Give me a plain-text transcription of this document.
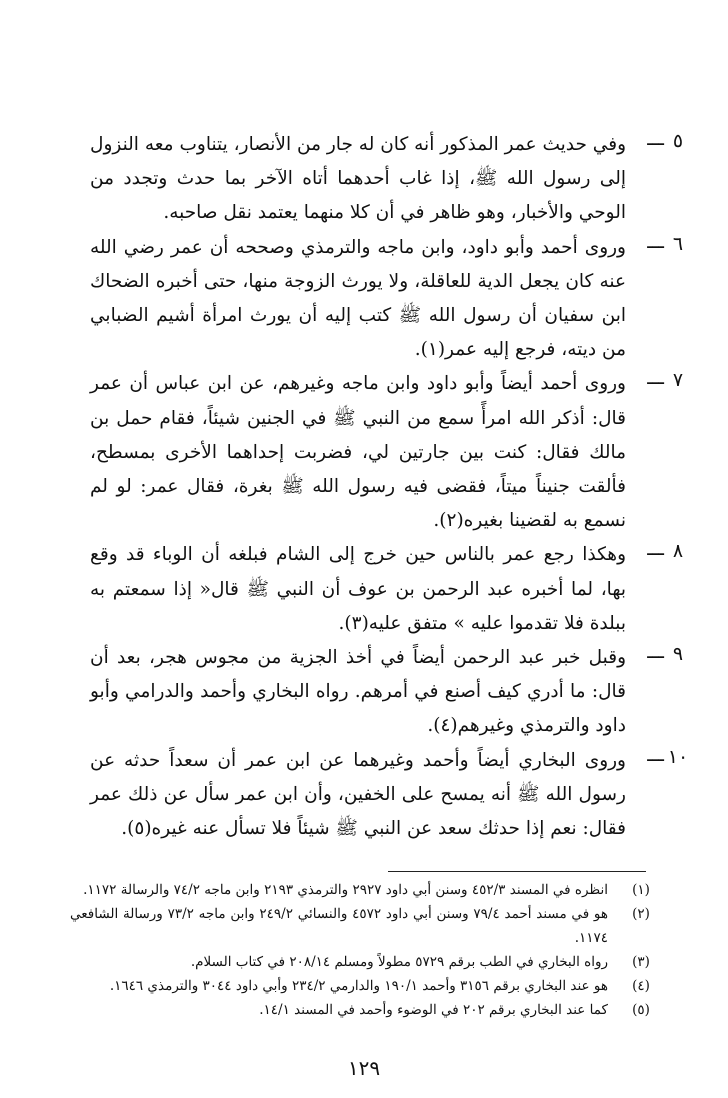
٥
ـــ
وفي حديث عمر المذكور أنه كان له جار من الأنصار، يتناوب معه النزول إلى رسول الله ﷺ، إذا غاب أحدهما أتاه الآخر بما حدث وتجدد من الوحي والأخبار، وهو ظاهر في أن كلا منهما يعتمد نقل صاحبه.
٦
ـــ
وروى أحمد وأبو داود، وابن ماجه والترمذي وصححه أن عمر رضي الله عنه كان يجعل الدية للعاقلة، ولا يورث الزوجة منها، حتى أخبره الضحاك ابن سفيان أن رسول الله ﷺ كتب إليه أن يورث امرأة أشيم الضبابي من ديته، فرجع إليه عمر(١).
٧
ـــ
وروى أحمد أيضاً وأبو داود وابن ماجه وغيرهم، عن ابن عباس أن عمر قال: أذكر الله امرأً سمع من النبي ﷺ في الجنين شيئاً، فقام حمل بن مالك فقال: كنت بين جارتين لي، فضربت إحداهما الأخرى بمسطح، فألقت جنيناً ميتاً، فقضى فيه رسول الله ﷺ بغرة، فقال عمر: لو لم نسمع به لقضينا بغيره(٢).
٨
ـــ
وهكذا رجع عمر بالناس حين خرج إلى الشام فبلغه أن الوباء قد وقع بها، لما أخبره عبد الرحمن بن عوف أن النبي ﷺ قال« إذا سمعتم به ببلدة فلا تقدموا عليه » متفق عليه(٣).
٩
ـــ
وقبل خبر عبد الرحمن أيضاً في أخذ الجزية من مجوس هجر، بعد أن قال: ما أدري كيف أصنع في أمرهم. رواه البخاري وأحمد والدرامي وأبو داود والترمذي وغيرهم(٤).
١٠
ـــ
وروى البخاري أيضاً وأحمد وغيرهما عن ابن عمر أن سعداً حدثه عن رسول الله ﷺ أنه يمسح على الخفين، وأن ابن عمر سأل عن ذلك عمر فقال: نعم إذا حدثك سعد عن النبي ﷺ شيئاً فلا تسأل عنه غيره(٥).
(١)
انظره في المسند ٤٥٢/٣ وسنن أبي داود ٢٩٢٧ والترمذي ٢١٩٣ وابن ماجه ٧٤/٢ والرسالة ١١٧٢.
(٢)
هو في مسند أحمد ٧٩/٤ وسنن أبي داود ٤٥٧٢ والنسائي ٢٤٩/٢ وابن ماجه ٧٣/٢ ورسالة الشافعي ١١٧٤.
(٣)
رواه البخاري في الطب برقم ٥٧٢٩ مطولاً ومسلم ٢٠٨/١٤ في كتاب السلام.
(٤)
هو عند البخاري برقم ٣١٥٦ وأحمد ١٩٠/١ والدارمي ٢٣٤/٢ وأبي داود ٣٠٤٤ والترمذي ١٦٤٦.
(٥)
كما عند البخاري برقم ٢٠٢ في الوضوء وأحمد في المسند ١٤/١.
١٢٩
